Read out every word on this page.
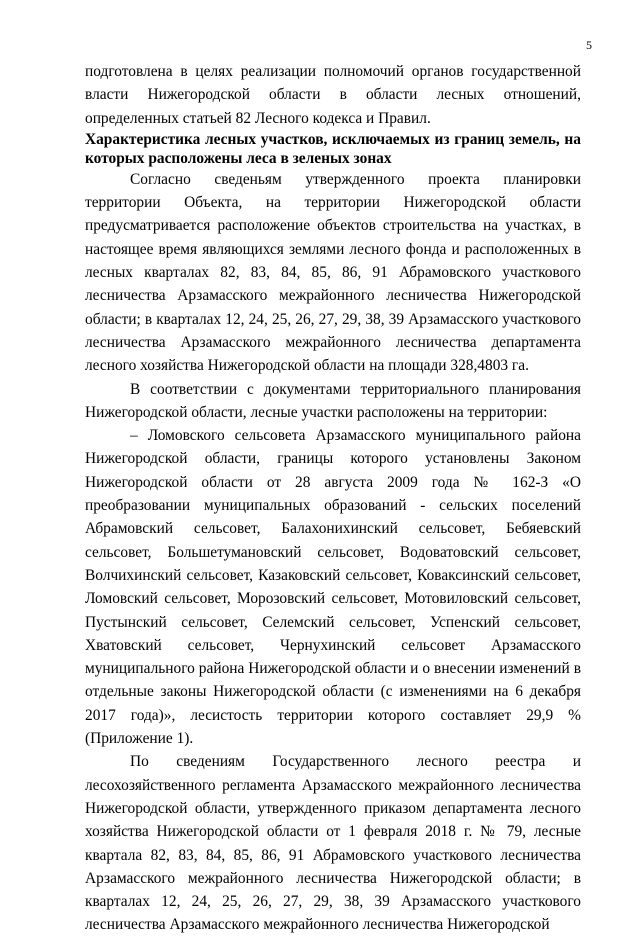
5

подготовлена в целях реализации полномочий органов государственной власти Нижегородской области в области лесных отношений, определенных статьей 82 Лесного кодекса и Правил.

Характеристика лесных участков, исключаемых из границ земель, на которых расположены леса в зеленых зонах

Согласно сведеньям утвержденного проекта планировки территории Объекта, на территории Нижегородской области предусматривается расположение объектов строительства на участках, в настоящее время являющихся землями лесного фонда и расположенных в лесных кварталах 82, 83, 84, 85, 86, 91 Абрамовского участкового лесничества Арзамасского межрайонного лесничества Нижегородской области; в кварталах 12, 24, 25, 26, 27, 29, 38, 39 Арзамасского участкового лесничества Арзамасского межрайонного лесничества департамента лесного хозяйства Нижегородской области на площади 328,4803 га.

В соответствии с документами территориального планирования Нижегородской области, лесные участки расположены на территории:

– Ломовского сельсовета Арзамасского муниципального района Нижегородской области, границы которого установлены Законом Нижегородской области от 28 августа 2009 года № 162-З «О преобразовании муниципальных образований - сельских поселений Абрамовский сельсовет, Балахонихинский сельсовет, Бебяевский сельсовет, Большетумановский сельсовет, Водоватовский сельсовет, Волчихинский сельсовет, Казаковский сельсовет, Коваксинский сельсовет, Ломовский сельсовет, Морозовский сельсовет, Мотовиловский сельсовет, Пустынский сельсовет, Селемский сельсовет, Успенский сельсовет, Хватовский сельсовет, Чернухинский сельсовет Арзамасского муниципального района Нижегородской области и о внесении изменений в отдельные законы Нижегородской области (с изменениями на 6 декабря 2017 года)», лесистость территории которого составляет 29,9 % (Приложение 1).

По сведениям Государственного лесного реестра и лесохозяйственного регламента Арзамасского межрайонного лесничества Нижегородской области, утвержденного приказом департамента лесного хозяйства Нижегородской области от 1 февраля 2018 г. № 79, лесные квартала 82, 83, 84, 85, 86, 91 Абрамовского участкового лесничества Арзамасского межрайонного лесничества Нижегородской области; в кварталах 12, 24, 25, 26, 27, 29, 38, 39 Арзамасского участкового лесничества Арзамасского межрайонного лесничества Нижегородской
